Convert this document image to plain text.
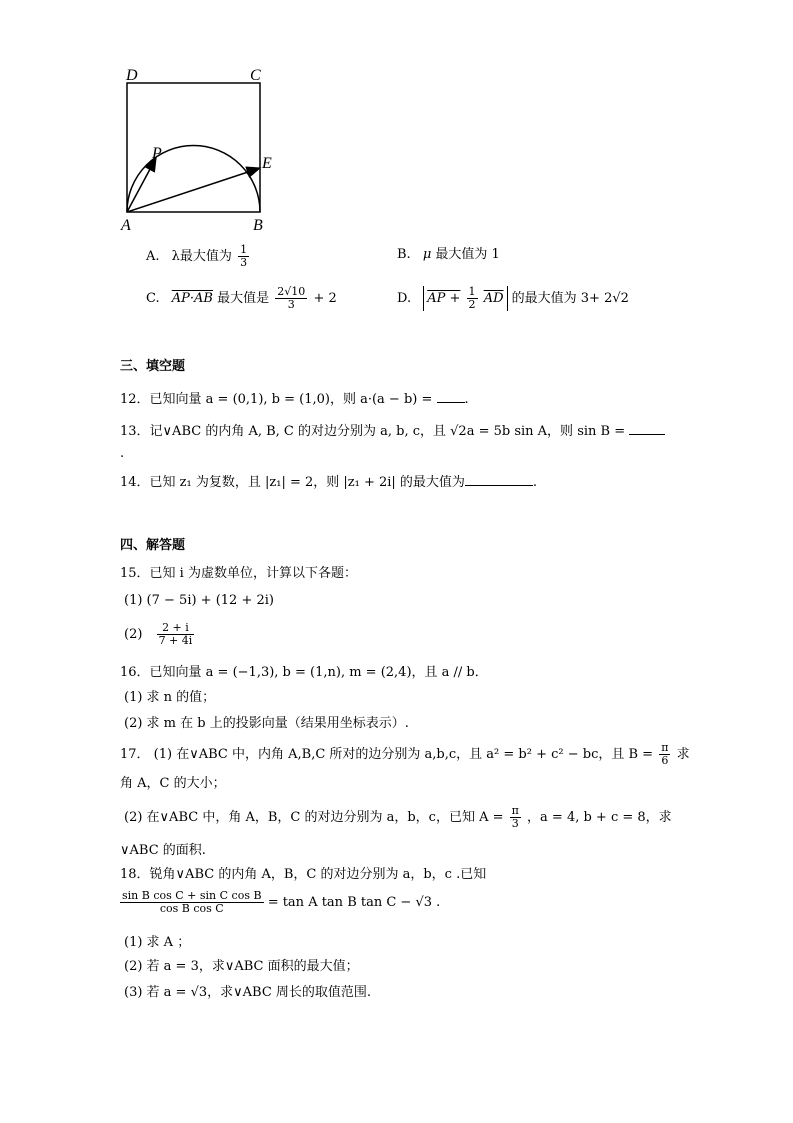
D	C
P
E
A	B
A. λ最大值为 $\frac{1}{3}$	B. μ 最大值为 1
C. AP·AB 最大值是 $\frac{2√10}{3} + 2$	D. AP + $\frac{1}{2} \overline{AD}$ 的最大值为 3+ 2√2
三、填空题
12．已知向量 a = (0,1), b = (1,0)，则 a·(a − b) = .
13．记∨ABC 的内角 A, B, C 的对边分别为 a, b, c，且 √2a = 5b sin A，则 sin B =
.
14．已知 z₁ 为复数，且 |z₁| = 2，则 |z₁ + 2i| 的最大值为	.
四、解答题
15．已知 i 为虚数单位，计算以下各题：
(1) (7 − 5i) + (12 + 2i)
$(2) \frac{2 + i}{7 + 4i}$
16．已知向量 a = (−1,3), b = (1,n), m = (2,4)，且 a // b．
(1) 求 n 的值；
(2) 求 m 在 b 上的投影向量（结果用坐标表示）.
17． (1) 在∨ABC 中，内角 A,B,C 所对的边分别为 a,b,c，且 a² = b² + c² − bc，且 $B = \frac{\pi}{6}$ 求
角 A，C 的大小；
(2) 在∨ABC 中，角 A，B，C 的对边分别为 a，b，c，已知 $A = \frac{\pi}{3}$ ，a = 4, b + c = 8，求
∨ABC 的面积.
18．锐角∨ABC 的内角 A，B，C 的对边分别为 a，b，c .已知
$\frac{\text{sin B cos C + sin C cos B}}{\text{cos B cos C}} = \tan A$ tan B tan C − √3 .
(1) 求 A ；
(2) 若 a = 3，求∨ABC 面积的最大值；
(3) 若 a = √3，求∨ABC 周长的取值范围.
